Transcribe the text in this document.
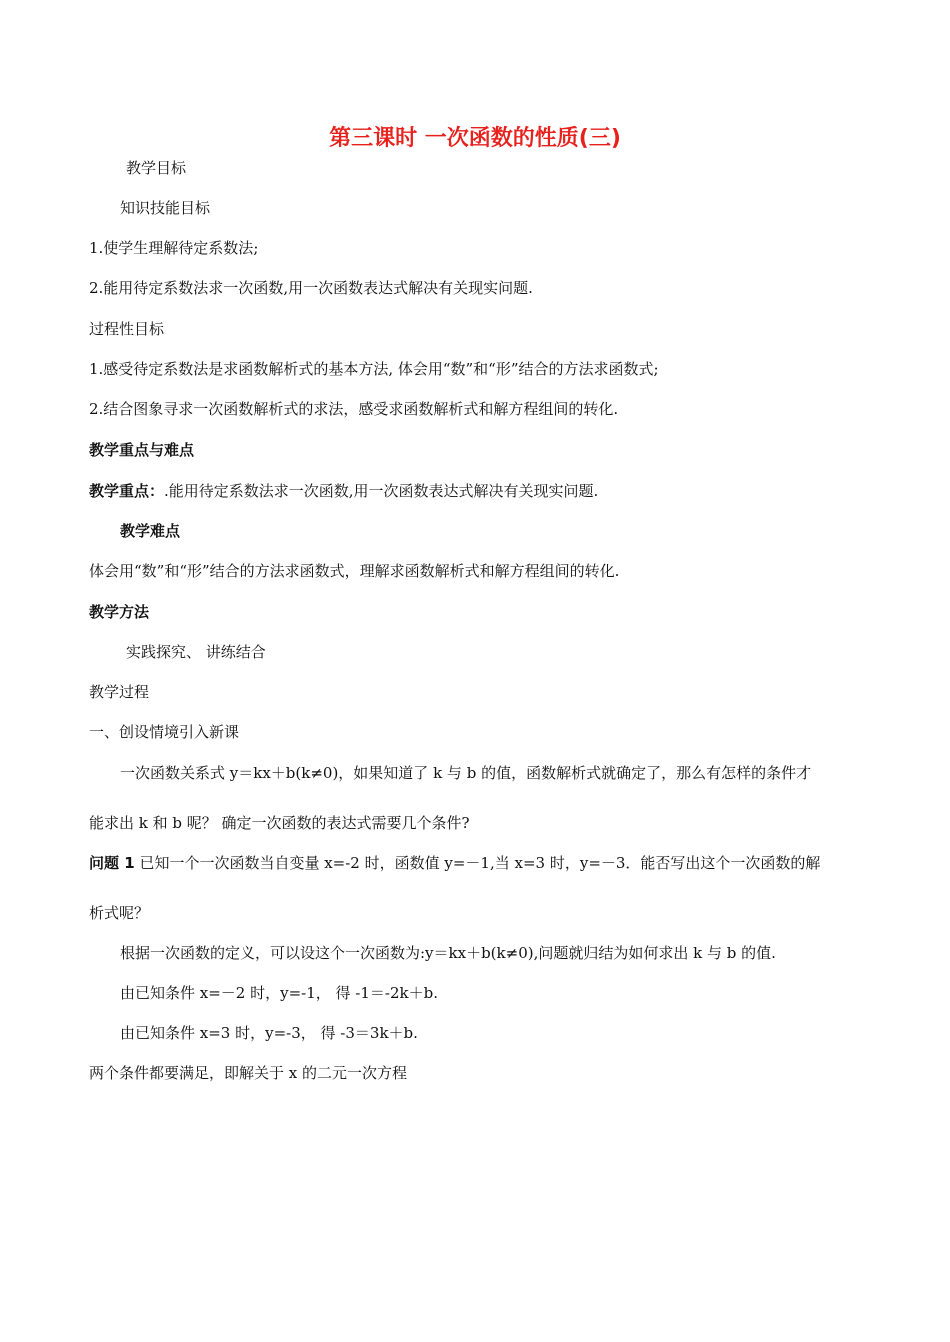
第三课时 一次函数的性质(三)
教学目标
知识技能目标
1.使学生理解待定系数法;
2.能用待定系数法求一次函数,用一次函数表达式解决有关现实问题.
过程性目标
1.感受待定系数法是求函数解析式的基本方法, 体会用“数”和“形”结合的方法求函数式;
2.结合图象寻求一次函数解析式的求法，感受求函数解析式和解方程组间的转化.
教学重点与难点
教学重点：.能用待定系数法求一次函数,用一次函数表达式解决有关现实问题.
教学难点
体会用“数”和“形”结合的方法求函数式，理解求函数解析式和解方程组间的转化.
教学方法
实践探究、 讲练结合
教学过程
一、创设情境引入新课
一次函数关系式 y＝kx＋b(k≠0)，如果知道了 k 与 b 的值，函数解析式就确定了，那么有怎样的条件才
能求出 k 和 b 呢？ 确定一次函数的表达式需要几个条件?
问题 1 已知一个一次函数当自变量 x=-2 时，函数值 y=－1,当 x=3 时，y=－3．能否写出这个一次函数的解
析式呢？
根据一次函数的定义，可以设这个一次函数为:y＝kx＋b(k≠0),问题就归结为如何求出 k 与 b 的值.
由已知条件 x=－2 时，y=-1， 得 -1＝-2k＋b.
由已知条件 x=3 时，y=-3， 得 -3＝3k＋b.
两个条件都要满足，即解关于 x 的二元一次方程
